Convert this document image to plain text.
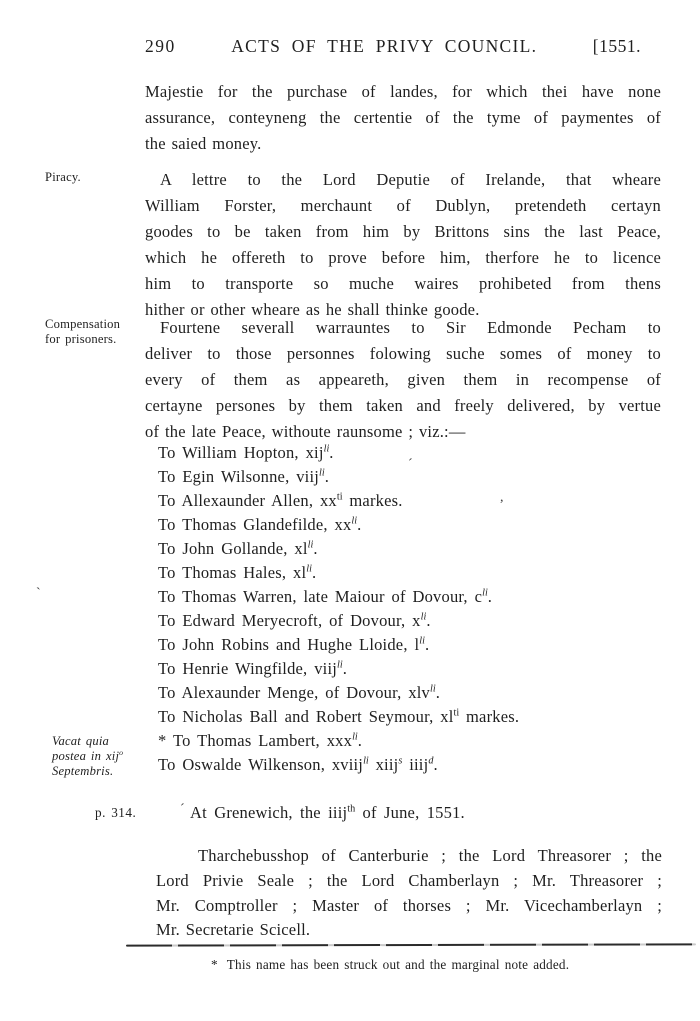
290	ACTS OF THE PRIVY COUNCIL.	[1551.
Piracy.
Compensation
for prisoners.
Vacat quia
postea in xij$^o$
Septembris.
p. 314.
Majestie for the purchase of landes, for which thei have none
assurance, conteyneng the certentie of the tyme of paymentes of
the saied money.
A lettre to the Lord Deputie of Irelande, that wheare
William Forster, merchaunt of Dublyn, pretendeth certayn
goodes to be taken from him by Brittons sins the last Peace,
which he offereth to prove before him, therfore he to licence
him to transporte so muche waires prohibeted from thens
hither or other wheare as he shall thinke goode.
Fourtene severall warrauntes to Sir Edmonde Pecham to
deliver to those personnes folowing suche somes of money to
every of them as appeareth, given them in recompense of
certayne persones by them taken and freely delivered, by vertue
of the late Peace, withoute raunsome ; viz.:—
To William Hopton, xij$^{li}$.
To Egin Wilsonne, viij$^{li}$.
To Allexaunder Allen, $xx^{ti}$ markes.
To Thomas Glandefilde, $xx^{li}$.
To John Gollande, $xl^{li}$.
To Thomas Hales, $xl^{li}$.
To Thomas Warren, late Maiour of Dovour, $c^{li}$.
To Edward Meryecroft, of Dovour, $x^{li}$.
To John Robins and Hughe Lloide, $l^{li}$.
To Henrie Wingfilde, viij$^{li}$.
To Alexaunder Menge, of Dovour, xlv$^{li}$.
To Nicholas Ball and Robert Seymour, $xl^{ti}$ markes.
* To Thomas Lambert, xxx$^{li}$.
To Oswalde Wilkenson, xviij$^{li}$ xiij$^s$ iiij$^d$.
At Grenewich, the iiij$^{th}$ of June, 1551.
Tharchebusshop of Canterburie ; the Lord Threasorer ; the
Lord Privie Seale ; the Lord Chamberlayn ; Mr. Threasorer ;
Mr. Comptroller ; Master of thorses ; Mr. Vicechamberlayn ;
Mr. Secretarie Scicell.
* This name has been struck out and the marginal note added.
´
,
´
`
